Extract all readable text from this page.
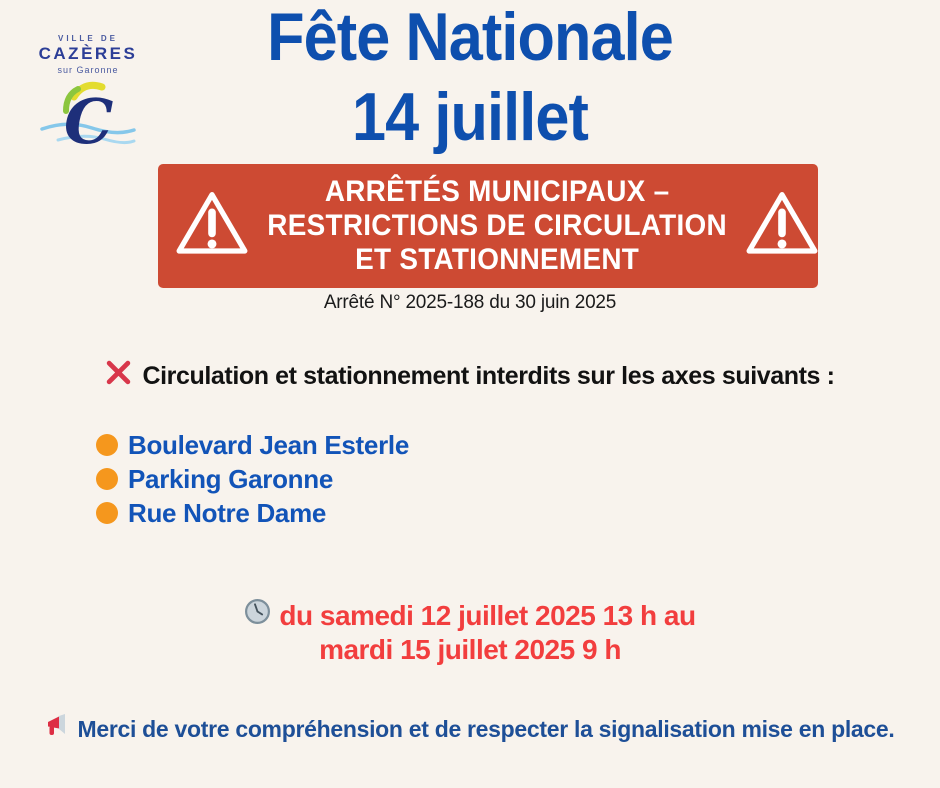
VILLE DE
CAZÈRES
sur Garonne
C
Fête Nationale
14 juillet
ARRÊTÉS MUNICIPAUX –
RESTRICTIONS DE CIRCULATION
ET STATIONNEMENT
Arrêté N° 2025-188 du 30 juin 2025
Circulation et stationnement interdits sur les axes suivants :
Boulevard Jean Esterle
Parking Garonne
Rue Notre Dame
du samedi 12 juillet 2025 13 h au
mardi 15 juillet 2025 9 h
Merci de votre compréhension et de respecter la signalisation mise en place.
